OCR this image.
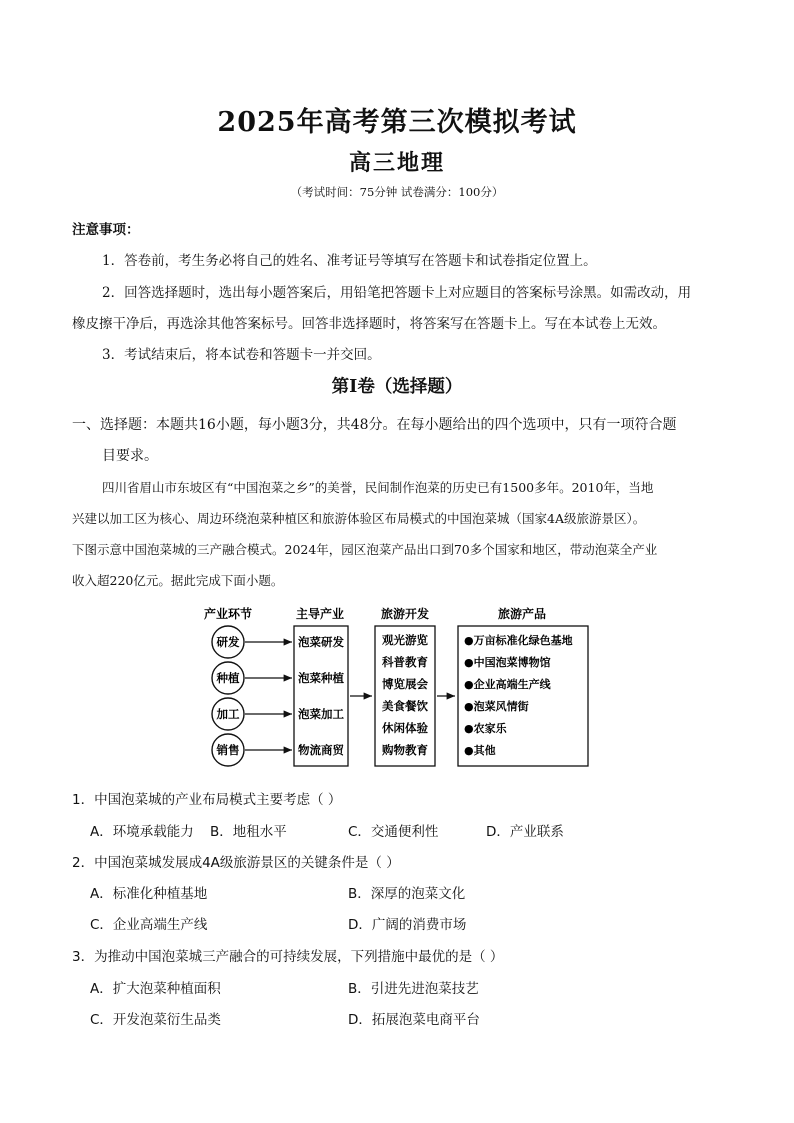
2025年高考第三次模拟考试
高三地理
（考试时间：75分钟 试卷满分：100分）
注意事项：
1．答卷前，考生务必将自己的姓名、准考证号等填写在答题卡和试卷指定位置上。
2．回答选择题时，选出每小题答案后，用铅笔把答题卡上对应题目的答案标号涂黑。如需改动，用
橡皮擦干净后，再选涂其他答案标号。回答非选择题时，将答案写在答题卡上。写在本试卷上无效。
3．考试结束后，将本试卷和答题卡一并交回。
第Ⅰ卷（选择题）
一、选择题：本题共16小题，每小题3分，共48分。在每小题给出的四个选项中，只有一项符合题
目要求。
四川省眉山市东坡区有“中国泡菜之乡”的美誉，民间制作泡菜的历史已有1500多年。2010年，当地
兴建以加工区为核心、周边环绕泡菜种植区和旅游体验区布局模式的中国泡菜城（国家4A级旅游景区）。
下图示意中国泡菜城的三产融合模式。2024年，园区泡菜产品出口到70多个国家和地区，带动泡菜全产业
收入超220亿元。据此完成下面小题。
产业环节	主导产业	旅游开发	旅游产品
研发
种植
加工
销售
泡菜研发
泡菜种植
泡菜加工
物流商贸
观光游览
科普教育
博览展会
美食餐饮
休闲体验
购物教育
●万亩标准化绿色基地
●中国泡菜博物馆
●企业高端生产线
●泡菜风情街
●农家乐
●其他
1．中国泡菜城的产业布局模式主要考虑（ ）
A．环境承载能力 B．地租水平	C．交通便利性	D．产业联系
2．中国泡菜城发展成4A级旅游景区的关键条件是（ ）
A．标准化种植基地	B．深厚的泡菜文化
C．企业高端生产线	D．广阔的消费市场
3．为推动中国泡菜城三产融合的可持续发展，下列措施中最优的是（ ）
A．扩大泡菜种植面积	B．引进先进泡菜技艺
C．开发泡菜衍生品类	D．拓展泡菜电商平台
